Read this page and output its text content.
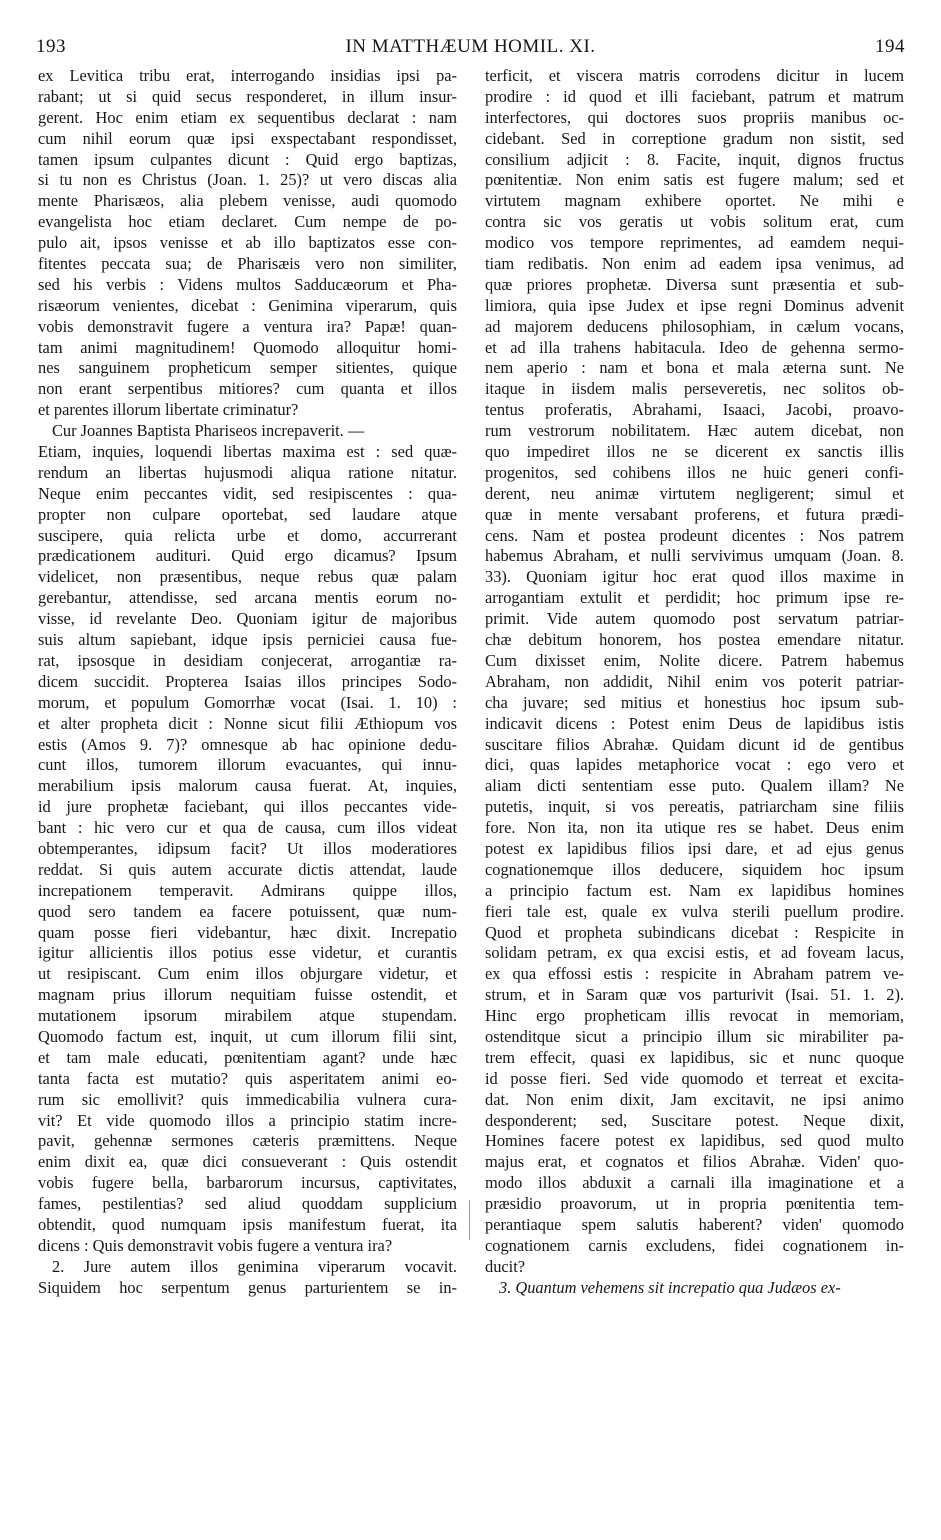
193	IN MATTHÆUM HOMIL. XI.	194
ex Levitica tribu erat, interrogando insidias ipsi pa-
rabant; ut si quid secus responderet, in illum insur-
gerent. Hoc enim etiam ex sequentibus declarat : nam
cum nihil eorum quæ ipsi exspectabant respondisset,
tamen ipsum culpantes dicunt : Quid ergo baptizas,
si tu non es Christus (Joan. 1. 25)? ut vero discas alia
mente Pharisæos, alia plebem venisse, audi quomodo
evangelista hoc etiam declaret. Cum nempe de po-
pulo ait, ipsos venisse et ab illo baptizatos esse con-
fitentes peccata sua; de Pharisæis vero non similiter,
sed his verbis : Videns multos Sadducæorum et Pha-
risæorum venientes, dicebat : Genimina viperarum, quis
vobis demonstravit fugere a ventura ira? Papæ! quan-
tam animi magnitudinem! Quomodo alloquitur homi-
nes sanguinem propheticum semper sitientes, quique
non erant serpentibus mitiores? cum quanta et illos
et parentes illorum libertate criminatur?
Cur Joannes Baptista Phariseos increpaverit. —
Etiam, inquies, loquendi libertas maxima est : sed quæ-
rendum an libertas hujusmodi aliqua ratione nitatur.
Neque enim peccantes vidit, sed resipiscentes : qua-
propter non culpare oportebat, sed laudare atque
suscipere, quia relicta urbe et domo, accurrerant
prædicationem audituri. Quid ergo dicamus? Ipsum
videlicet, non præsentibus, neque rebus quæ palam
gerebantur, attendisse, sed arcana mentis eorum no-
visse, id revelante Deo. Quoniam igitur de majoribus
suis altum sapiebant, idque ipsis perniciei causa fue-
rat, ipsosque in desidiam conjecerat, arrogantiæ ra-
dicem succidit. Propterea Isaias illos principes Sodo-
morum, et populum Gomorrhæ vocat (Isai. 1. 10) :
et alter propheta dicit : Nonne sicut filii Æthiopum vos
estis (Amos 9. 7)? omnesque ab hac opinione dedu-
cunt illos, tumorem illorum evacuantes, qui innu-
merabilium ipsis malorum causa fuerat. At, inquies,
id jure prophetæ faciebant, qui illos peccantes vide-
bant : hic vero cur et qua de causa, cum illos videat
obtemperantes, idipsum facit? Ut illos moderatiores
reddat. Si quis autem accurate dictis attendat, laude
increpationem temperavit. Admirans quippe illos,
quod sero tandem ea facere potuissent, quæ num-
quam posse fieri videbantur, hæc dixit. Increpatio
igitur allicientis illos potius esse videtur, et curantis
ut resipiscant. Cum enim illos objurgare videtur, et
magnam prius illorum nequitiam fuisse ostendit, et
mutationem ipsorum mirabilem atque stupendam.
Quomodo factum est, inquit, ut cum illorum filii sint,
et tam male educati, pœnitentiam agant? unde hæc
tanta facta est mutatio? quis asperitatem animi eo-
rum sic emollivit? quis immedicabilia vulnera cura-
vit? Et vide quomodo illos a principio statim incre-
pavit, gehennæ sermones cæteris præmittens. Neque
enim dixit ea, quæ dici consueverant : Quis ostendit
vobis fugere bella, barbarorum incursus, captivitates,
fames, pestilentias? sed aliud quoddam supplicium
obtendit, quod numquam ipsis manifestum fuerat, ita
dicens : Quis demonstravit vobis fugere a ventura ira?
2. Jure autem illos genimina viperarum vocavit.
Siquidem hoc serpentum genus parturientem se in-
terficit, et viscera matris corrodens dicitur in lucem
prodire : id quod et illi faciebant, patrum et matrum
interfectores, qui doctores suos propriis manibus oc-
cidebant. Sed in correptione gradum non sistit, sed
consilium adjicit : 8. Facite, inquit, dignos fructus
pœnitentiæ. Non enim satis est fugere malum; sed et
virtutem magnam exhibere oportet. Ne mihi e
contra sic vos geratis ut vobis solitum erat, cum
modico vos tempore reprimentes, ad eamdem nequi-
tiam redibatis. Non enim ad eadem ipsa venimus, ad
quæ priores prophetæ. Diversa sunt præsentia et sub-
limiora, quia ipse Judex et ipse regni Dominus advenit
ad majorem deducens philosophiam, in cælum vocans,
et ad illa trahens habitacula. Ideo de gehenna sermo-
nem aperio : nam et bona et mala æterna sunt. Ne
itaque in iisdem malis perseveretis, nec solitos ob-
tentus proferatis, Abrahami, Isaaci, Jacobi, proavo-
rum vestrorum nobilitatem. Hæc autem dicebat, non
quo impediret illos ne se dicerent ex sanctis illis
progenitos, sed cohibens illos ne huic generi confi-
derent, neu animæ virtutem negligerent; simul et
quæ in mente versabant proferens, et futura prædi-
cens. Nam et postea prodeunt dicentes : Nos patrem
habemus Abraham, et nulli servivimus umquam (Joan. 8.
33). Quoniam igitur hoc erat quod illos maxime in
arrogantiam extulit et perdidit; hoc primum ipse re-
primit. Vide autem quomodo post servatum patriar-
chæ debitum honorem, hos postea emendare nitatur.
Cum dixisset enim, Nolite dicere. Patrem habemus
Abraham, non addidit, Nihil enim vos poterit patriar-
cha juvare; sed mitius et honestius hoc ipsum sub-
indicavit dicens : Potest enim Deus de lapidibus istis
suscitare filios Abrahæ. Quidam dicunt id de gentibus
dici, quas lapides metaphorice vocat : ego vero et
aliam dicti sententiam esse puto. Qualem illam? Ne
putetis, inquit, si vos pereatis, patriarcham sine filiis
fore. Non ita, non ita utique res se habet. Deus enim
potest ex lapidibus filios ipsi dare, et ad ejus genus
cognationemque illos deducere, siquidem hoc ipsum
a principio factum est. Nam ex lapidibus homines
fieri tale est, quale ex vulva sterili puellum prodire.
Quod et propheta subindicans dicebat : Respicite in
solidam petram, ex qua excisi estis, et ad foveam lacus,
ex qua effossi estis : respicite in Abraham patrem ve-
strum, et in Saram quæ vos parturivit (Isai. 51. 1. 2).
Hinc ergo propheticam illis revocat in memoriam,
ostenditque sicut a principio illum sic mirabiliter pa-
trem effecit, quasi ex lapidibus, sic et nunc quoque
id posse fieri. Sed vide quomodo et terreat et excita-
dat. Non enim dixit, Jam excitavit, ne ipsi animo
desponderent; sed, Suscitare potest. Neque dixit,
Homines facere potest ex lapidibus, sed quod multo
majus erat, et cognatos et filios Abrahæ. Viden' quo-
modo illos abduxit a carnali illa imaginatione et a
præsidio proavorum, ut in propria pœnitentia tem-
perantiaque spem salutis haberent? viden' quomodo
cognationem carnis excludens, fidei cognationem in-
ducit?
3. Quantum vehemens sit increpatio qua Judæos ex-
